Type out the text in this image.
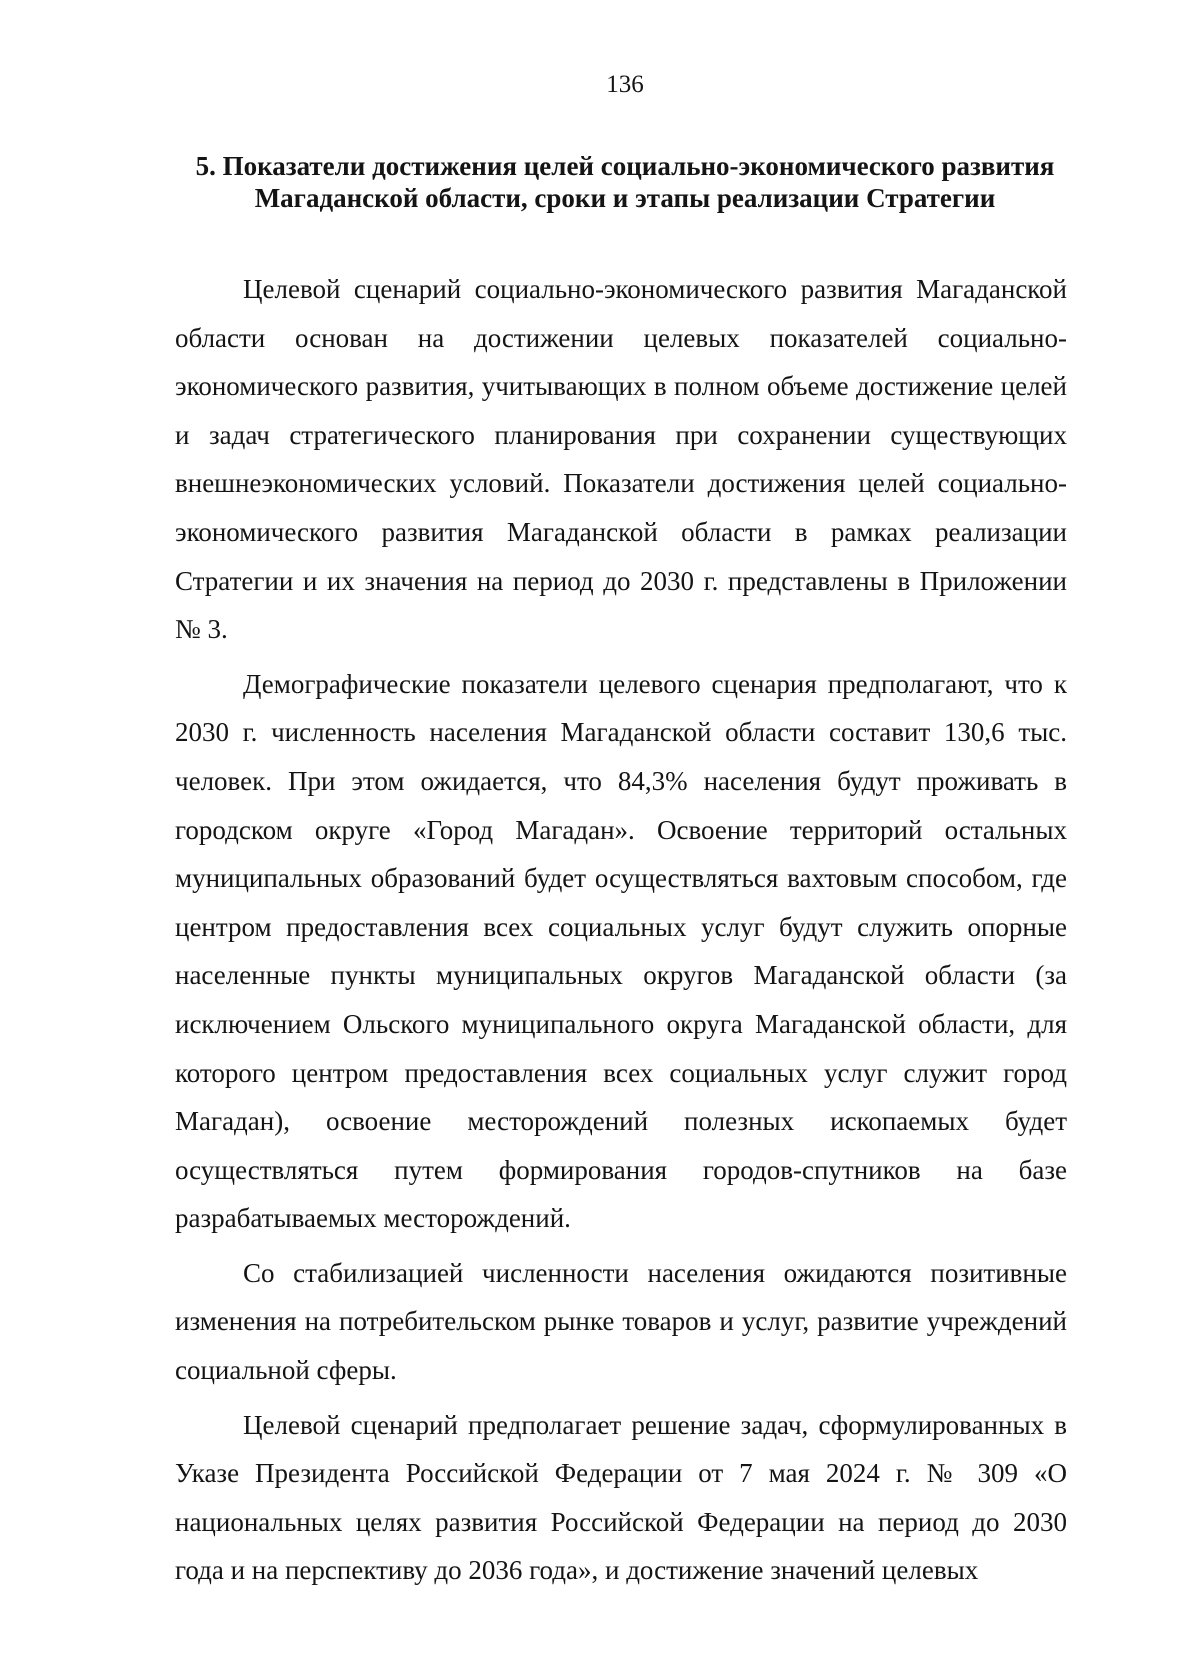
136
5. Показатели достижения целей социально-экономического развития Магаданской области, сроки и этапы реализации Стратегии

Целевой сценарий социально-экономического развития Магаданской области основан на достижении целевых показателей социально-экономического развития, учитывающих в полном объеме достижение целей и задач стратегического планирования при сохранении существующих внешнеэкономических условий. Показатели достижения целей социально-экономического развития Магаданской области в рамках реализации Стратегии и их значения на период до 2030 г. представлены в Приложении № 3.

Демографические показатели целевого сценария предполагают, что к 2030 г. численность населения Магаданской области составит 130,6 тыс. человек. При этом ожидается, что 84,3% населения будут проживать в городском округе «Город Магадан». Освоение территорий остальных муниципальных образований будет осуществляться вахтовым способом, где центром предоставления всех социальных услуг будут служить опорные населенные пункты муниципальных округов Магаданской области (за исключением Ольского муниципального округа Магаданской области, для которого центром предоставления всех социальных услуг служит город Магадан), освоение месторождений полезных ископаемых будет осуществляться путем формирования городов-спутников на базе разрабатываемых месторождений.

Со стабилизацией численности населения ожидаются позитивные изменения на потребительском рынке товаров и услуг, развитие учреждений социальной сферы.

Целевой сценарий предполагает решение задач, сформулированных в Указе Президента Российской Федерации от 7 мая 2024 г. № 309 «О национальных целях развития Российской Федерации на период до 2030 года и на перспективу до 2036 года», и достижение значений целевых
